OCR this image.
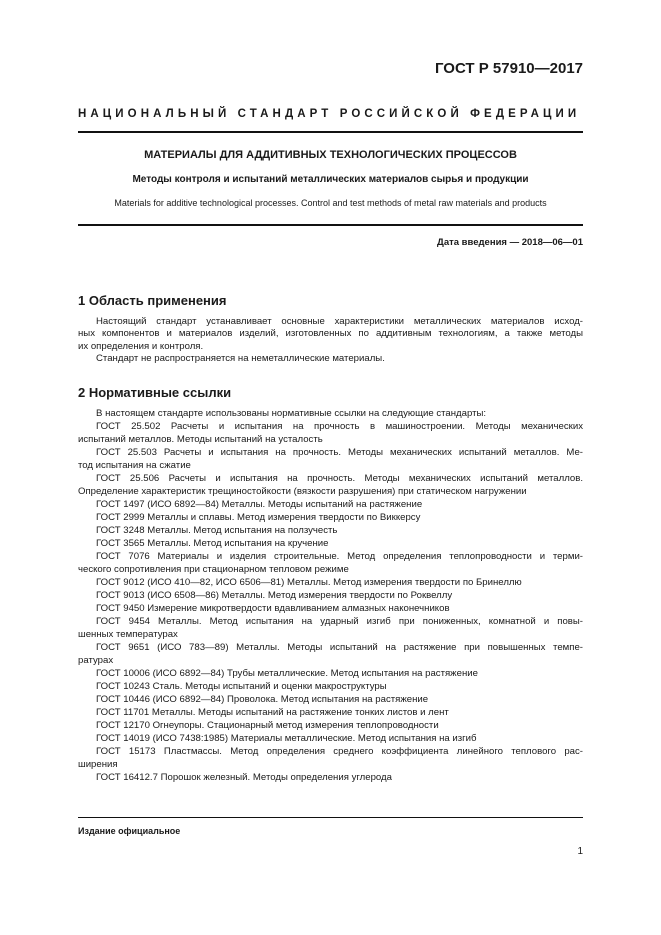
ГОСТ Р 57910—2017
НАЦИОНАЛЬНЫЙ СТАНДАРТ РОССИЙСКОЙ ФЕДЕРАЦИИ
МАТЕРИАЛЫ ДЛЯ АДДИТИВНЫХ ТЕХНОЛОГИЧЕСКИХ ПРОЦЕССОВ
Методы контроля и испытаний металлических материалов сырья и продукции
Materials for additive technological processes. Control and test methods of metal raw materials and products
Дата введения — 2018—06—01
1 Область применения
Настоящий стандарт устанавливает основные характеристики металлических материалов исход-
ных компонентов и материалов изделий, изготовленных по аддитивным технологиям, а также методы
их определения и контроля.
Стандарт не распространяется на неметаллические материалы.
2 Нормативные ссылки
В настоящем стандарте использованы нормативные ссылки на следующие стандарты:
ГОСТ 25.502 Расчеты и испытания на прочность в машиностроении. Методы механических
испытаний металлов. Методы испытаний на усталость
ГОСТ 25.503 Расчеты и испытания на прочность. Методы механических испытаний металлов. Ме-
тод испытания на сжатие
ГОСТ 25.506 Расчеты и испытания на прочность. Методы механических испытаний металлов.
Определение характеристик трещиностойкости (вязкости разрушения) при статическом нагружении
ГОСТ 1497 (ИСО 6892—84) Металлы. Методы испытаний на растяжение
ГОСТ 2999 Металлы и сплавы. Метод измерения твердости по Виккерсу
ГОСТ 3248 Металлы. Метод испытания на ползучесть
ГОСТ 3565 Металлы. Метод испытания на кручение
ГОСТ 7076 Материалы и изделия строительные. Метод определения теплопроводности и терми-
ческого сопротивления при стационарном тепловом режиме
ГОСТ 9012 (ИСО 410—82, ИСО 6506—81) Металлы. Метод измерения твердости по Бринеллю
ГОСТ 9013 (ИСО 6508—86) Металлы. Метод измерения твердости по Роквеллу
ГОСТ 9450 Измерение микротвердости вдавливанием алмазных наконечников
ГОСТ 9454 Металлы. Метод испытания на ударный изгиб при пониженных, комнатной и повы-
шенных температурах
ГОСТ 9651 (ИСО 783—89) Металлы. Методы испытаний на растяжение при повышенных темпе-
ратурах
ГОСТ 10006 (ИСО 6892—84) Трубы металлические. Метод испытания на растяжение
ГОСТ 10243 Сталь. Методы испытаний и оценки макроструктуры
ГОСТ 10446 (ИСО 6892—84) Проволока. Метод испытания на растяжение
ГОСТ 11701 Металлы. Методы испытаний на растяжение тонких листов и лент
ГОСТ 12170 Огнеупоры. Стационарный метод измерения теплопроводности
ГОСТ 14019 (ИСО 7438:1985) Материалы металлические. Метод испытания на изгиб
ГОСТ 15173 Пластмассы. Метод определения среднего коэффициента линейного теплового рас-
ширения
ГОСТ 16412.7 Порошок железный. Методы определения углерода
Издание официальное
1
